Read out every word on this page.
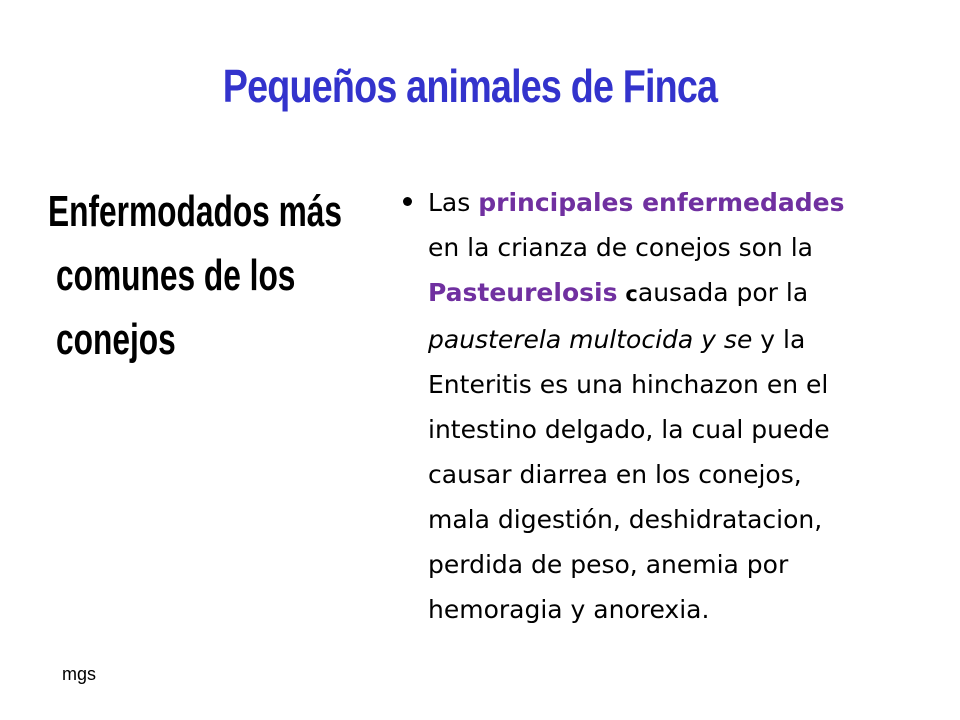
Pequeños animales de Finca
Enfermodados más
comunes de los
conejos
Las principales enfermedades
en la crianza de conejos son la
Pasteurelosis causada por la
pausterela multocida y se y la
Enteritis es una hinchazon en el
intestino delgado, la cual puede
causar diarrea en los conejos,
mala digestión, deshidratacion,
perdida de peso, anemia por
hemoragia y anorexia.
mgs
